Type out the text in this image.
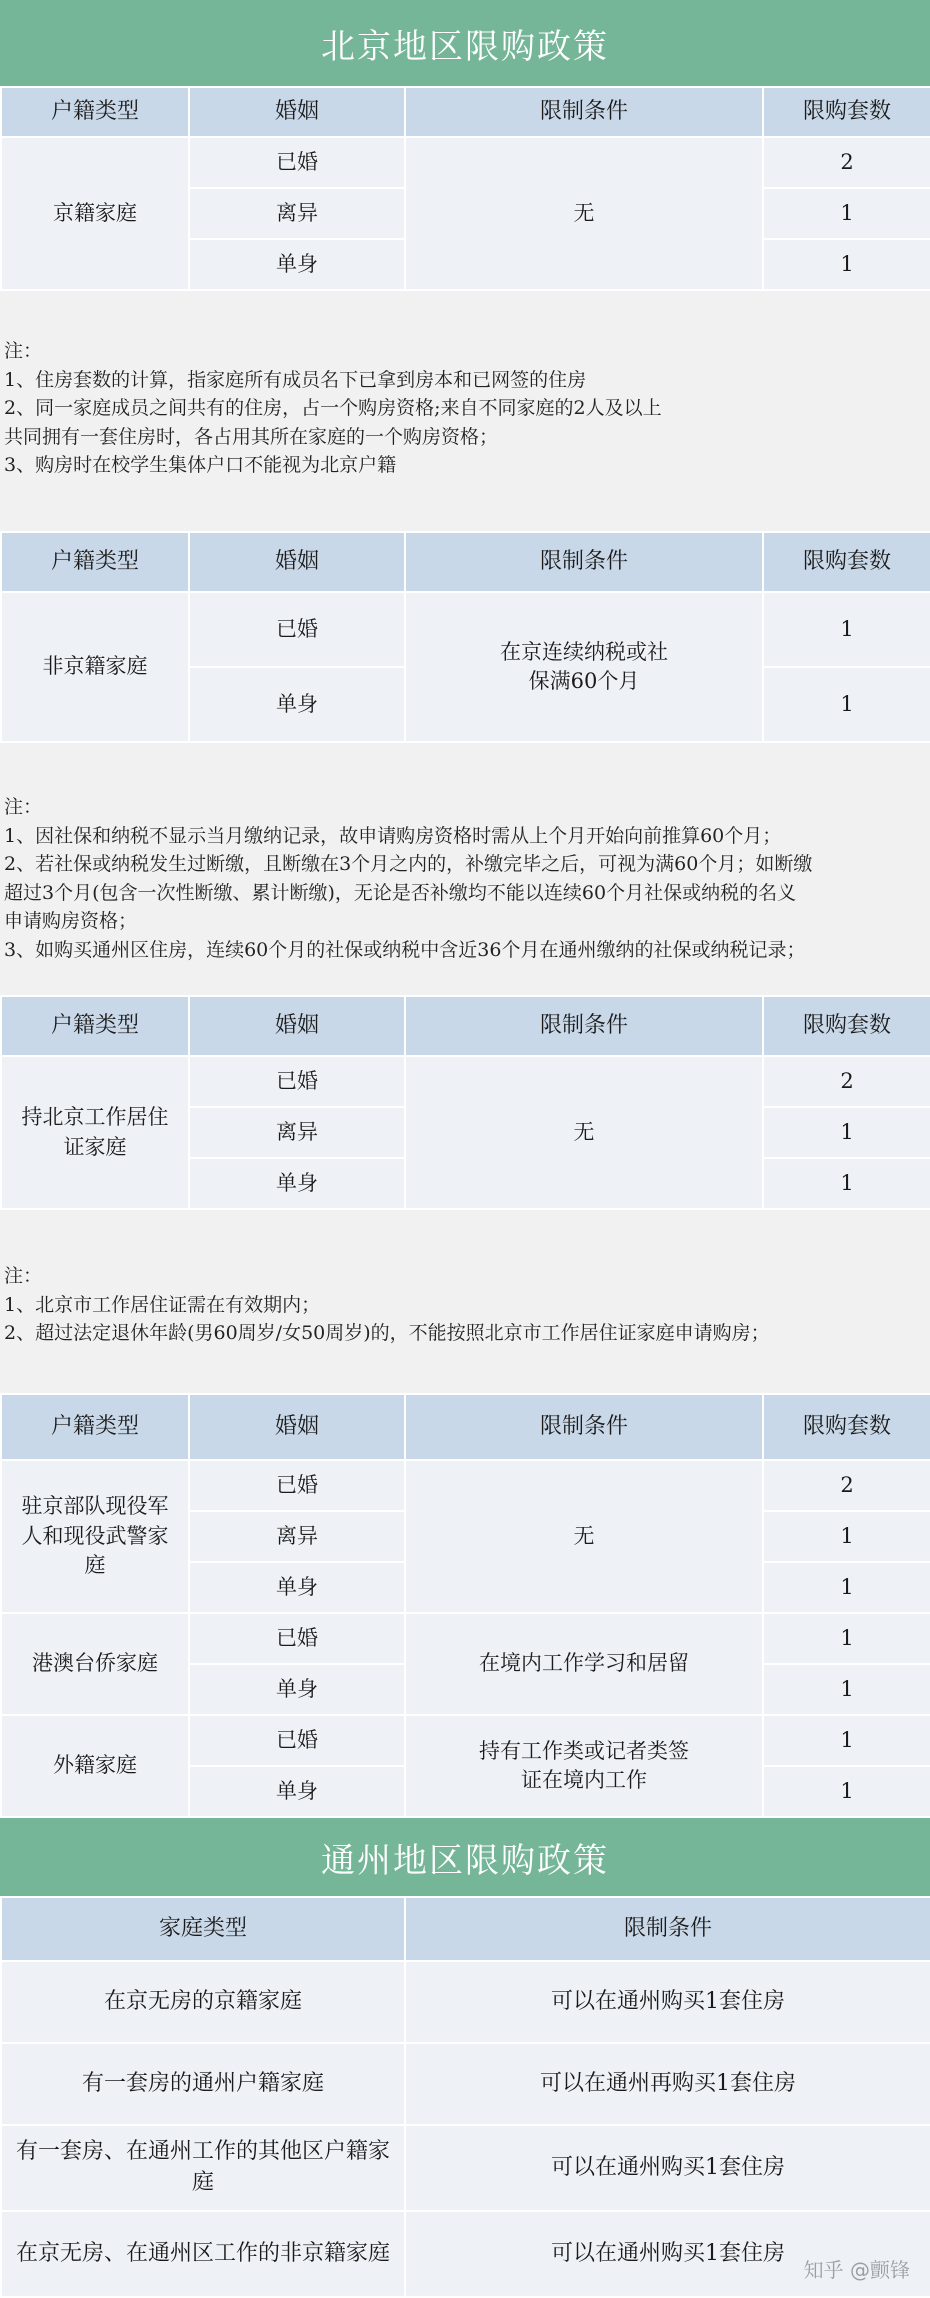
北京地区限购政策
户籍类型	婚姻	限制条件	限购套数
京籍家庭	已婚	无	2
	离异		1
	单身		1

注：

1、住房套数的计算，指家庭所有成员名下已拿到房本和已网签的住房

2、同一家庭成员之间共有的住房，占一个购房资格;来自不同家庭的2人及以上

共同拥有一套住房时，各占用其所在家庭的一个购房资格；

3、购房时在校学生集体户口不能视为北京户籍

户籍类型	婚姻	限制条件	限购套数
非京籍家庭	已婚	在京连续纳税或社保满60个月	1
	单身		1

注：

1、因社保和纳税不显示当月缴纳记录，故申请购房资格时需从上个月开始向前推算60个月；

2、若社保或纳税发生过断缴，且断缴在3个月之内的，补缴完毕之后，可视为满60个月；如断缴

超过3个月(包含一次性断缴、累计断缴)，无论是否补缴均不能以连续60个月社保或纳税的名义

申请购房资格；

3、如购买通州区住房，连续60个月的社保或纳税中含近36个月在通州缴纳的社保或纳税记录；

户籍类型	婚姻	限制条件	限购套数
持北京工作居住证家庭	已婚	无	2
	离异		1
	单身		1

注：

1、北京市工作居住证需在有效期内；

2、超过法定退休年龄(男60周岁/女50周岁)的，不能按照北京市工作居住证家庭申请购房；

户籍类型	婚姻	限制条件	限购套数
驻京部队现役军人和现役武警家庭	已婚	无	2
	离异		1
	单身		1
港澳台侨家庭	已婚	在境内工作学习和居留	1
	单身		1
外籍家庭	已婚	持有工作类或记者类签证在境内工作	1
	单身		1
通州地区限购政策
家庭类型	限制条件
在京无房的京籍家庭	可以在通州购买1套住房
有一套房的通州户籍家庭	可以在通州再购买1套住房
有一套房、在通州工作的其他区户籍家庭	可以在通州购买1套住房
在京无房、在通州区工作的非京籍家庭	可以在通州购买1套住房
知乎 @颤锋
